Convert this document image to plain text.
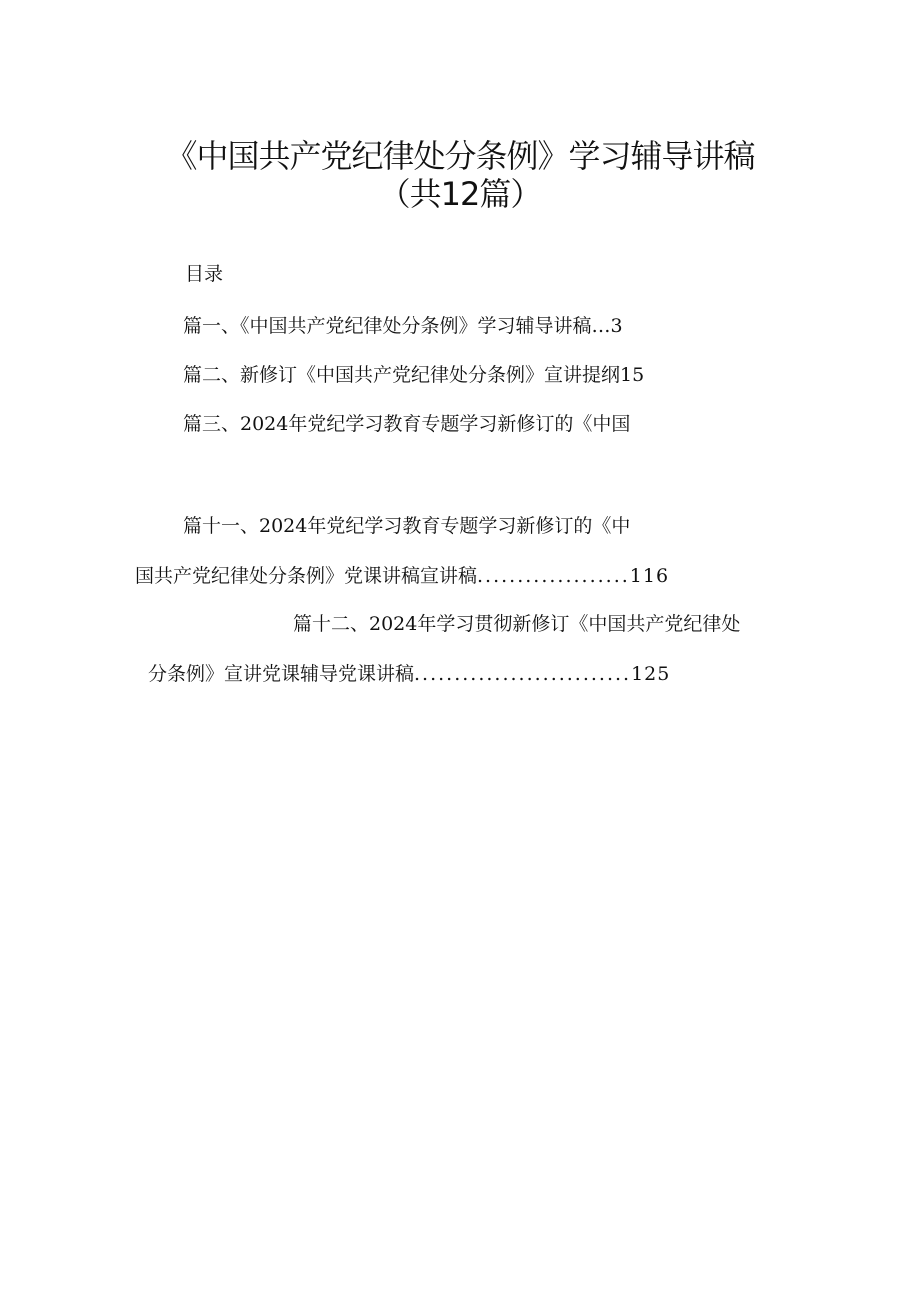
《中国共产党纪律处分条例》学习辅导讲稿
（共12篇）
目录
篇一、《中国共产党纪律处分条例》学习辅导讲稿…3
篇二、新修订《中国共产党纪律处分条例》宣讲提纲15
篇三、2024年党纪学习教育专题学习新修订的《中国
篇十一、2024年党纪学习教育专题学习新修订的《中
国共产党纪律处分条例》党课讲稿宣讲稿...................116
篇十二、2024年学习贯彻新修订《中国共产党纪律处
分条例》宣讲党课辅导党课讲稿...........................125
